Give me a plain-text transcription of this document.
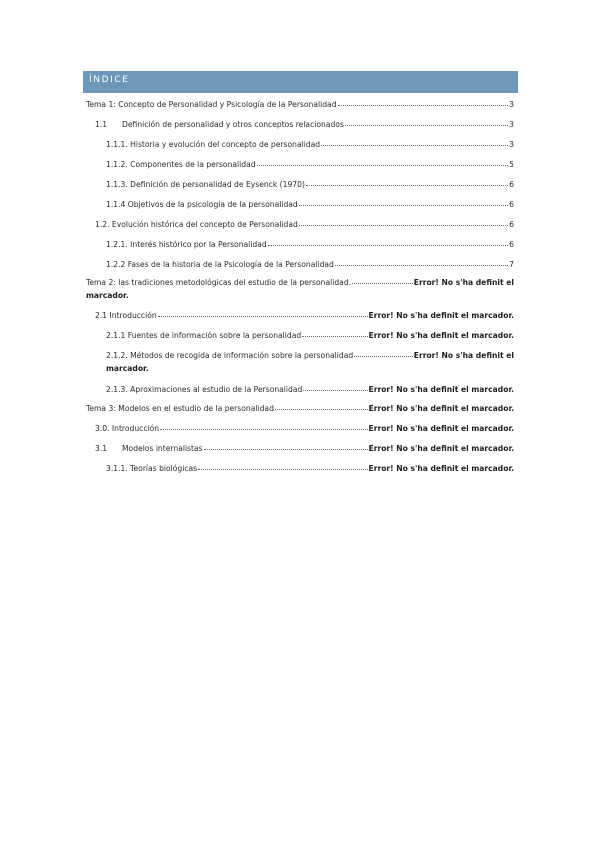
ÍNDICE
Tema 1: Concepto de Personalidad y Psicología de la Personalidad	3
1.1	Definición de personalidad y otros conceptos relacionados	3
1.1.1. Historia y evolución del concepto de personalidad	3
1.1.2. Componentes de la personalidad	5
1.1.3. Definición de personalidad de Eysenck (1970)	6
1.1.4 Objetivos de la psicología de la personalidad	6
1.2. Evolución histórica del concepto de Personalidad	6
1.2.1. Interés histórico por la Personalidad	6
1.2.2 Fases de la historia de la Psicología de la Personalidad	7
Tema 2: las tradiciones metodológicas del estudio de la personalidad.	Error! No s'ha definit el
marcador.
2.1 Introducción	Error! No s'ha definit el marcador.
2.1.1 Fuentes de información sobre la personalidad	Error! No s'ha definit el marcador.
2.1.2. Métodos de recogida de información sobre la personalidad	Error! No s'ha definit el
marcador.
2.1.3. Aproximaciones al estudio de la Personalidad	Error! No s'ha definit el marcador.
Tema 3: Modelos en el estudio de la personalidad	Error! No s'ha definit el marcador.
3.0. Introducción	Error! No s'ha definit el marcador.
3.1	Modelos internalistas	Error! No s'ha definit el marcador.
3.1.1. Teorías biológicas	Error! No s'ha definit el marcador.
